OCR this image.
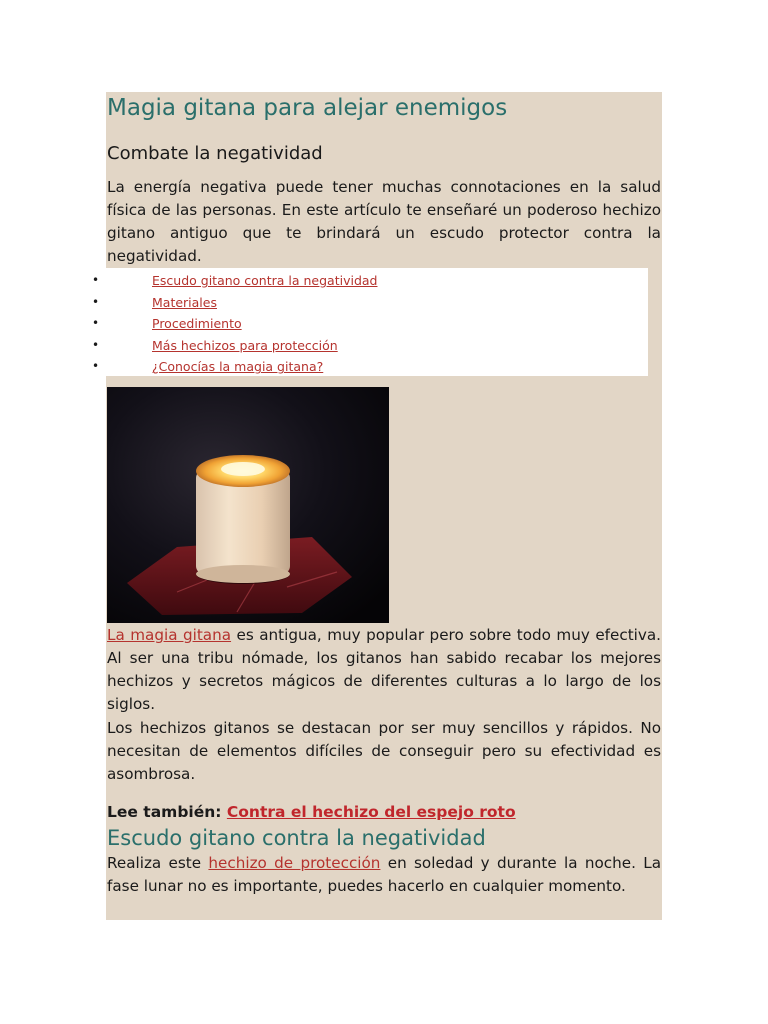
Magia gitana para alejar enemigos
Combate la negatividad

La energía negativa puede tener muchas connotaciones en la salud física de las personas. En este artículo te enseñaré un poderoso hechizo gitano antiguo que te brindará un escudo protector contra la negatividad.

•	Escudo gitano contra la negatividad
•	Materiales
•	Procedimiento
•	Más hechizos para protección
•	¿Conocías la magia gitana?

La magia gitana es antigua, muy popular pero sobre todo muy efectiva. Al ser una tribu nómade, los gitanos han sabido recabar los mejores hechizos y secretos mágicos de diferentes culturas a lo largo de los siglos.

Los hechizos gitanos se destacan por ser muy sencillos y rápidos. No necesitan de elementos difíciles de conseguir pero su efectividad es asombrosa.

Lee también: Contra el hechizo del espejo roto

Escudo gitano contra la negatividad

Realiza este hechizo de protección en soledad y durante la noche. La fase lunar no es importante, puedes hacerlo en cualquier momento.
